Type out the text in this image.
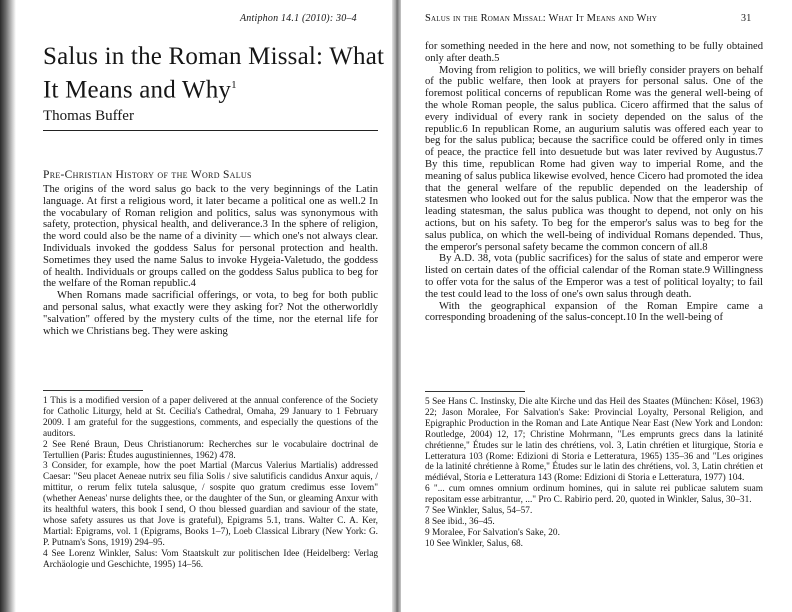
Antiphon 14.1 (2010): 30–4
Salus in the Roman Missal: What It Means and Why$^1$
Thomas Buffer
Pre-Christian History of the Word Salus

The origins of the word salus go back to the very beginnings of the Latin language. At first a religious word, it later became a political one as well.2 In the vocabulary of Roman religion and politics, salus was synonymous with safety, protection, physical health, and deliverance.3 In the sphere of religion, the word could also be the name of a divinity — which one's not always clear. Individuals invoked the goddess Salus for personal protection and health. Sometimes they used the name Salus to invoke Hygeia-Valetudo, the goddess of health. Individuals or groups called on the goddess Salus publica to beg for the welfare of the Roman republic.4

When Romans made sacrificial offerings, or vota, to beg for both public and personal salus, what exactly were they asking for? Not the otherworldly "salvation" offered by the mystery cults of the time, nor the eternal life for which we Christians beg. They were asking

1 This is a modified version of a paper delivered at the annual conference of the Society for Catholic Liturgy, held at St. Cecilia's Cathedral, Omaha, 29 January to 1 February 2009. I am grateful for the suggestions, comments, and especially the questions of the auditors.
2 See René Braun, Deus Christianorum: Recherches sur le vocabulaire doctrinal de Tertullien (Paris: Études augustiniennes, 1962) 478.
3 Consider, for example, how the poet Martial (Marcus Valerius Martialis) addressed Caesar: "Seu placet Aeneae nutrix seu filia Solis / sive salutificis candidus Anxur aquis, / mittitur, o rerum felix tutela salusque, / sospite quo gratum credimus esse Iovem" (whether Aeneas' nurse delights thee, or the daughter of the Sun, or gleaming Anxur with its healthful waters, this book I send, O thou blessed guardian and saviour of the state, whose safety assures us that Jove is grateful), Epigrams 5.1, trans. Walter C. A. Ker, Martial: Epigrams, vol. 1 (Epigrams, Books 1–7), Loeb Classical Library (New York: G. P. Putnam's Sons, 1919) 294–95.
4 See Lorenz Winkler, Salus: Vom Staatskult zur politischen Idee (Heidelberg: Verlag Archäologie und Geschichte, 1995) 14–56.
Salus in the Roman Missal: What It Means and Why	31

for something needed in the here and now, not something to be fully obtained only after death.5

Moving from religion to politics, we will briefly consider prayers on behalf of the public welfare, then look at prayers for personal salus. One of the foremost political concerns of republican Rome was the general well-being of the whole Roman people, the salus publica. Cicero affirmed that the salus of every individual of every rank in society depended on the salus of the republic.6 In republican Rome, an augurium salutis was offered each year to beg for the salus publica; because the sacrifice could be offered only in times of peace, the practice fell into desuetude but was later revived by Augustus.7 By this time, republican Rome had given way to imperial Rome, and the meaning of salus publica likewise evolved, hence Cicero had promoted the idea that the general welfare of the republic depended on the leadership of statesmen who looked out for the salus publica. Now that the emperor was the leading statesman, the salus publica was thought to depend, not only on his actions, but on his safety. To beg for the emperor's salus was to beg for the salus publica, on which the well-being of individual Romans depended. Thus, the emperor's personal safety became the common concern of all.8

By A.D. 38, vota (public sacrifices) for the salus of state and emperor were listed on certain dates of the official calendar of the Roman state.9 Willingness to offer vota for the salus of the Emperor was a test of political loyalty; to fail the test could lead to the loss of one's own salus through death.

With the geographical expansion of the Roman Empire came a corresponding broadening of the salus-concept.10 In the well-being of

5 See Hans C. Instinsky, Die alte Kirche und das Heil des Staates (München: Kösel, 1963) 22; Jason Moralee, For Salvation's Sake: Provincial Loyalty, Personal Religion, and Epigraphic Production in the Roman and Late Antique Near East (New York and London: Routledge, 2004) 12, 17; Christine Mohrmann, "Les emprunts grecs dans la latinité chrétienne," Études sur le latin des chrétiens, vol. 3, Latin chrétien et liturgique, Storia e Letteratura 103 (Rome: Edizioni di Storia e Letteratura, 1965) 135–36 and "Les origines de la latinité chrétienne à Rome," Études sur le latin des chrétiens, vol. 3, Latin chrétien et médiéval, Storia e Letteratura 143 (Rome: Edizioni di Storia e Letteratura, 1977) 104.
6 "... cum omnes omnium ordinum homines, qui in salute rei publicae salutem suam repositam esse arbitrantur, ..." Pro C. Rabirio perd. 20, quoted in Winkler, Salus, 30–31.
7 See Winkler, Salus, 54–57.
8 See ibid., 36–45.
9 Moralee, For Salvation's Sake, 20.
10 See Winkler, Salus, 68.
